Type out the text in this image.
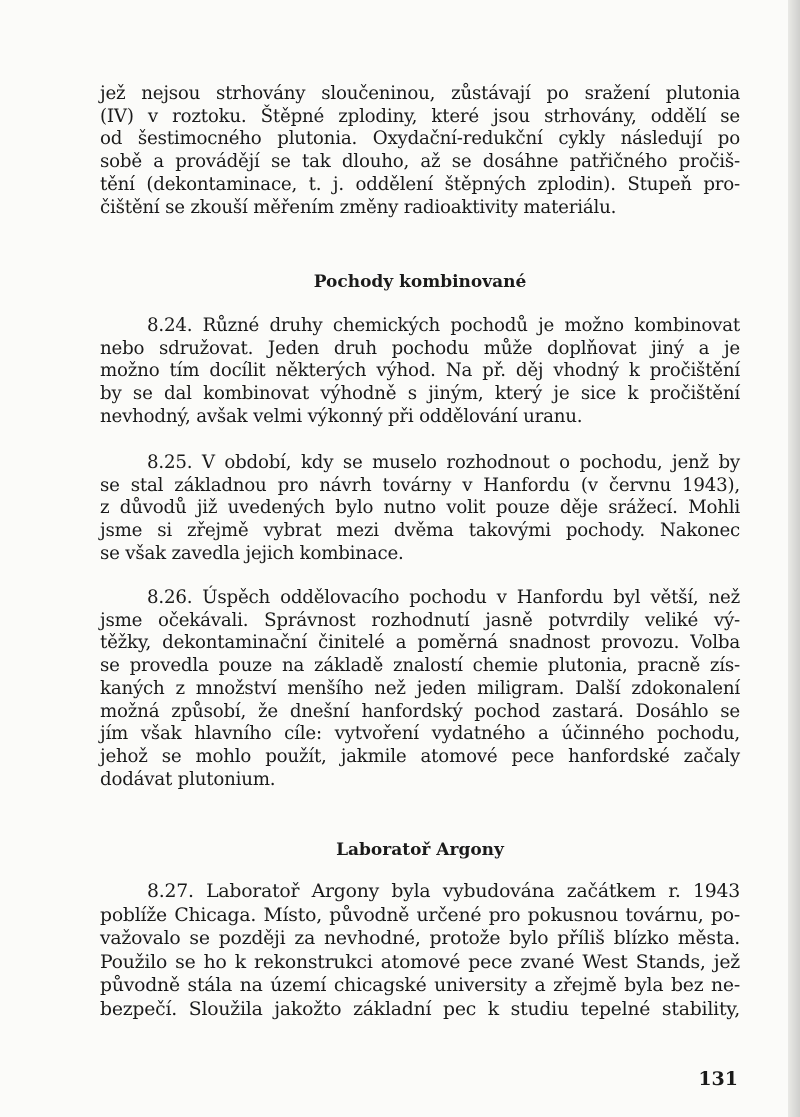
jež nejsou strhovány sloučeninou, zůstávají po sražení plutonia
(IV) v roztoku. Štěpné zplodiny, které jsou strhovány, oddělí se
od šestimocného plutonia. Oxydační-redukční cykly následují po
sobě a provádějí se tak dlouho, až se dosáhne patřičného pročiš-
tění (dekontaminace, t. j. oddělení štěpných zplodin). Stupeň pro-
čištění se zkouší měřením změny radioaktivity materiálu.
Pochody kombinované
8.24. Různé druhy chemických pochodů je možno kombinovat
nebo sdružovat. Jeden druh pochodu může doplňovat jiný a je
možno tím docílit některých výhod. Na př. děj vhodný k pročištění
by se dal kombinovat výhodně s jiným, který je sice k pročištění
nevhodný, avšak velmi výkonný při oddělování uranu.
8.25. V období, kdy se muselo rozhodnout o pochodu, jenž by
se stal základnou pro návrh továrny v Hanfordu (v červnu 1943),
z důvodů již uvedených bylo nutno volit pouze děje srážecí. Mohli
jsme si zřejmě vybrat mezi dvěma takovými pochody. Nakonec
se však zavedla jejich kombinace.
8.26. Úspěch oddělovacího pochodu v Hanfordu byl větší, než
jsme očekávali. Správnost rozhodnutí jasně potvrdily veliké vý-
těžky, dekontaminační činitelé a poměrná snadnost provozu. Volba
se provedla pouze na základě znalostí chemie plutonia, pracně zís-
kaných z množství menšího než jeden miligram. Další zdokonalení
možná způsobí, že dnešní hanfordský pochod zastará. Dosáhlo se
jím však hlavního cíle: vytvoření vydatného a účinného pochodu,
jehož se mohlo použít, jakmile atomové pece hanfordské začaly
dodávat plutonium.
Laboratoř Argony
8.27. Laboratoř Argony byla vybudována začátkem r. 1943
poblíže Chicaga. Místo, původně určené pro pokusnou továrnu, po-
važovalo se později za nevhodné, protože bylo příliš blízko města.
Použilo se ho k rekonstrukci atomové pece zvané West Stands, jež
původně stála na území chicagské university a zřejmě byla bez ne-
bezpečí. Sloužila jakožto základní pec k studiu tepelné stability,
131
